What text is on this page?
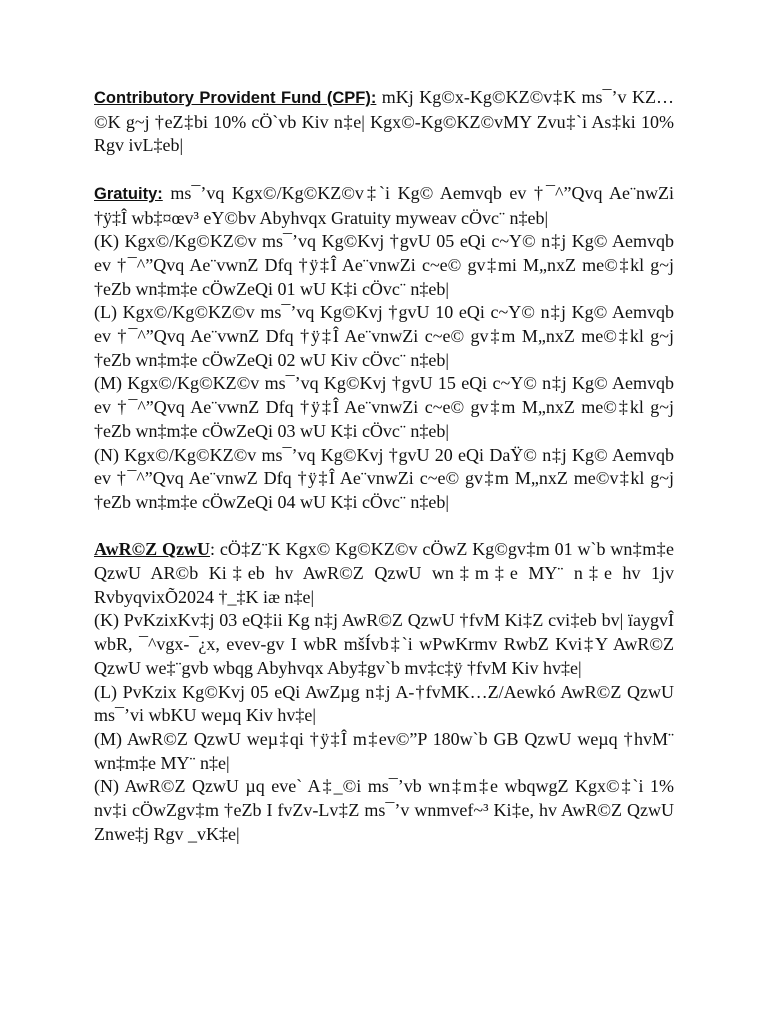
Contributory Provident Fund (CPF): mKj Kg©x-Kg©KZ©v‡K ms¯’v KZ…©K g~j †eZ‡bi 10% cÖ`vb Kiv n‡e| Kgx©-Kg©KZ©vMY Zvu‡`i As‡ki 10% Rgv ivL‡eb|

Gratuity: ms¯’vq Kgx©/Kg©KZ©v‡`i Kg© Aemvqb ev †¯^”Qvq Ae¨nwZi †ÿ‡Î wb‡¤œv³ eY©bv Abyhvqx Gratuity myweav cÖvc¨ n‡eb|

(K) Kgx©/Kg©KZ©v ms¯’vq Kg©Kvj †gvU 05 eQi c~Y© n‡j Kg© Aemvqb ev †¯^”Qvq Ae¨vwnZ Dfq †ÿ‡Î Ae¨vnwZi c~e© gv‡mi M„nxZ me©‡kl g~j †eZb wn‡m‡e cÖwZeQi 01 wU K‡i cÖvc¨ n‡eb|

(L) Kgx©/Kg©KZ©v ms¯’vq Kg©Kvj †gvU 10 eQi c~Y© n‡j Kg© Aemvqb ev †¯^”Qvq Ae¨vwnZ Dfq †ÿ‡Î Ae¨vnwZi c~e© gv‡m M„nxZ me©‡kl g~j †eZb wn‡m‡e cÖwZeQi 02 wU Kiv cÖvc¨ n‡eb|

(M) Kgx©/Kg©KZ©v ms¯’vq Kg©Kvj †gvU 15 eQi c~Y© n‡j Kg© Aemvqb ev †¯^”Qvq Ae¨vwnZ Dfq †ÿ‡Î Ae¨vnwZi c~e© gv‡m M„nxZ me©‡kl g~j †eZb wn‡m‡e cÖwZeQi 03 wU K‡i cÖvc¨ n‡eb|

(N) Kgx©/Kg©KZ©v ms¯’vq Kg©Kvj †gvU 20 eQi DaŸ© n‡j Kg© Aemvqb ev †¯^”Qvq Ae¨vnwZ Dfq †ÿ‡Î Ae¨vnwZi c~e© gv‡m M„nxZ me©v‡kl g~j †eZb wn‡m‡e cÖwZeQi 04 wU K‡i cÖvc¨ n‡eb|

AwR©Z QzwU: cÖ‡Z¨K Kgx© Kg©KZ©v cÖwZ Kg©gv‡m 01 w`b wn‡m‡e QzwU AR©b Ki‡eb hv AwR©Z QzwU wn‡m‡e MY¨ n‡e hv 1jv RvbyqvixÕ2024 †_‡K iæ n‡e|

(K) PvKzixKv‡j 03 eQ‡ii Kg n‡j AwR©Z QzwU †fvM Ki‡Z cvi‡eb bv| ïaygvÎ wbR, ¯^vgx-¯¿x, evev-gv I wbR mšÍvb‡`i wPwKrmv RwbZ Kvi‡Y AwR©Z QzwU we‡¨gvb wbqg Abyhvqx Aby‡gv`b mv‡c‡ÿ †fvM Kiv hv‡e|

(L) PvKzix Kg©Kvj 05 eQi AwZµg n‡j A-†fvMK…Z/Aewkó AwR©Z QzwU ms¯’vi wbKU weµq Kiv hv‡e|

(M) AwR©Z QzwU weµ‡qi †ÿ‡Î m‡ev©”P 180w`b GB QzwU weµq †hvM¨ wn‡m‡e MY¨ n‡e|

(N) AwR©Z QzwU µq eve` A‡_©i ms¯’vb wn‡m‡e wbqwgZ Kgx©‡`i 1% nv‡i cÖwZgv‡m †eZb I fvZv-Lv‡Z ms¯’v wnmvef~³ Ki‡e, hv AwR©Z QzwU Znwe‡j Rgv _vK‡e|
